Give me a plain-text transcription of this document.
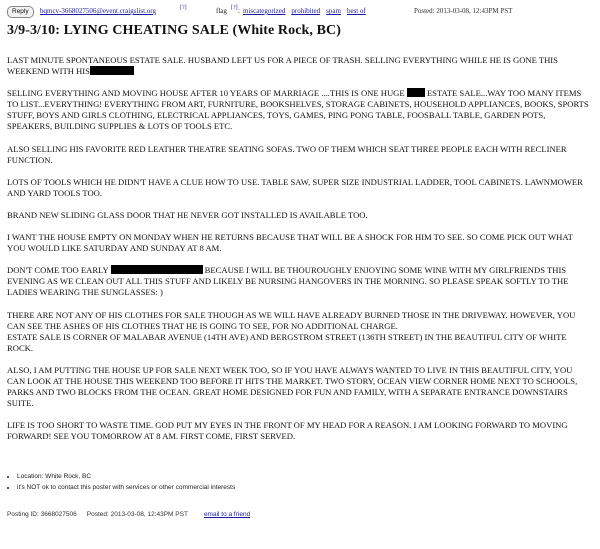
Reply	bqmcv-3668027506@event.craigslist.org	[?]	flag [?] : miscategorized prohibited spam best of	Posted: 2013-03-08, 12:43PM PST
3/9-3/10: LYING CHEATING SALE (White Rock, BC)

LAST MINUTE SPONTANEOUS ESTATE SALE. HUSBAND LEFT US FOR A PIECE OF TRASH. SELLING EVERYTHING WHILE HE IS GONE THIS WEEKEND WITH HIS

SELLING EVERYTHING AND MOVING HOUSE AFTER 10 YEARS OF MARRIAGE ....THIS IS ONE HUGE	ESTATE SALE...WAY TOO MANY ITEMS TO LIST...EVERYTHING! EVERYTHING FROM ART, FURNITURE, BOOKSHELVES, STORAGE CABINETS, HOUSEHOLD APPLIANCES, BOOKS, SPORTS STUFF, BOYS AND GIRLS CLOTHING, ELECTRICAL APPLIANCES, TOYS, GAMES, PING PONG TABLE, FOOSBALL TABLE, GARDEN POTS, SPEAKERS, BUILDING SUPPLIES & LOTS OF TOOLS ETC.

ALSO SELLING HIS FAVORITE RED LEATHER THEATRE SEATING SOFAS. TWO OF THEM WHICH SEAT THREE PEOPLE EACH WITH RECLINER FUNCTION.

LOTS OF TOOLS WHICH HE DIDN'T HAVE A CLUE HOW TO USE. TABLE SAW, SUPER SIZE INDUSTRIAL LADDER, TOOL CABINETS. LAWNMOWER AND YARD TOOLS TOO.

BRAND NEW SLIDING GLASS DOOR THAT HE NEVER GOT INSTALLED IS AVAILABLE TOO.

I WANT THE HOUSE EMPTY ON MONDAY WHEN HE RETURNS BECAUSE THAT WILL BE A SHOCK FOR HIM TO SEE. SO COME PICK OUT WHAT YOU WOULD LIKE SATURDAY AND SUNDAY AT 8 AM.

DON'T COME TOO EARLY	BECAUSE I WILL BE THOUROUGHLY ENJOYING SOME WINE WITH MY GIRLFRIENDS THIS EVENING AS WE CLEAN OUT ALL THIS STUFF AND LIKELY BE NURSING HANGOVERS IN THE MORNING. SO PLEASE SPEAK SOFTLY TO THE LADIES WEARING THE SUNGLASSES: )

THERE ARE NOT ANY OF HIS CLOTHES FOR SALE THOUGH AS WE WILL HAVE ALREADY BURNED THOSE IN THE DRIVEWAY. HOWEVER, YOU CAN SEE THE ASHES OF HIS CLOTHES THAT HE IS GOING TO SEE, FOR NO ADDITIONAL CHARGE.
ESTATE SALE IS CORNER OF MALABAR AVENUE (14TH AVE) AND BERGSTROM STREET (136TH STREET) IN THE BEAUTIFUL CITY OF WHITE ROCK.

ALSO, I AM PUTTING THE HOUSE UP FOR SALE NEXT WEEK TOO, SO IF YOU HAVE ALWAYS WANTED TO LIVE IN THIS BEAUTIFUL CITY, YOU CAN LOOK AT THE HOUSE THIS WEEKEND TOO BEFORE IT HITS THE MARKET. TWO STORY, OCEAN VIEW CORNER HOME NEXT TO SCHOOLS, PARKS AND TWO BLOCKS FROM THE OCEAN. GREAT HOME DESIGNED FOR FUN AND FAMILY, WITH A SEPARATE ENTRANCE DOWNSTAIRS SUITE.

LIFE IS TOO SHORT TO WASTE TIME. GOD PUT MY EYES IN THE FRONT OF MY HEAD FOR A REASON. I AM LOOKING FORWARD TO MOVING FORWARD! SEE YOU TOMORROW AT 8 AM. FIRST COME, FIRST SERVED.

• Location: White Rock, BC
• it's NOT ok to contact this poster with services or other commercial interests
Posting ID: 3668027506 Posted: 2013-03-08, 12:43PM PST email to a friend
